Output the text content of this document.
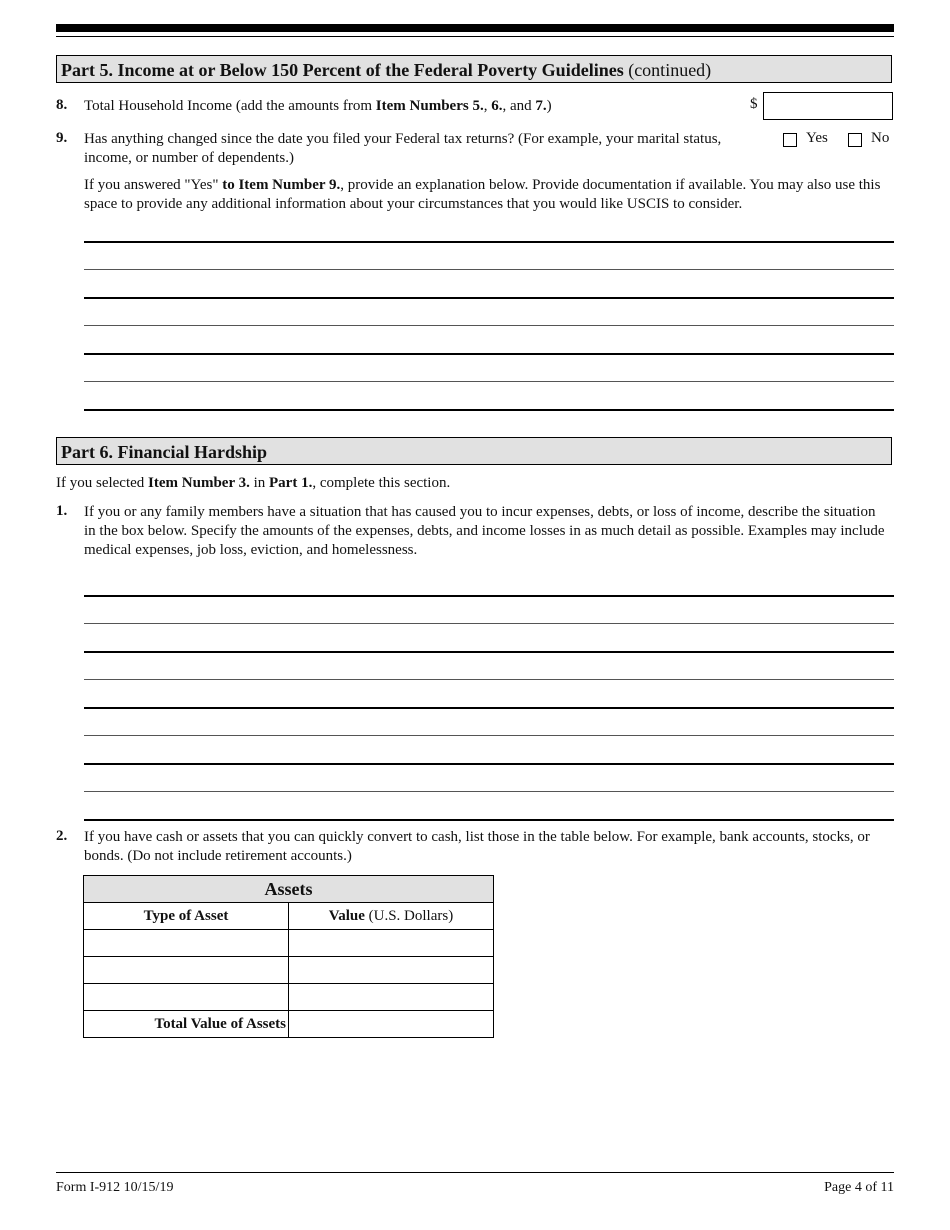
Part 5. Income at or Below 150 Percent of the Federal Poverty Guidelines (continued)
8. Total Household Income (add the amounts from Item Numbers 5., 6., and 7.)	$
9. Has anything changed since the date you filed your Federal tax returns? (For example, your marital status, income, or number of dependents.)
Yes	No
If you answered "Yes" to Item Number 9., provide an explanation below. Provide documentation if available. You may also use this space to provide any additional information about your circumstances that you would like USCIS to consider.
Part 6. Financial Hardship
If you selected Item Number 3. in Part 1., complete this section.
1. If you or any family members have a situation that has caused you to incur expenses, debts, or loss of income, describe the situation in the box below. Specify the amounts of the expenses, debts, and income losses in as much detail as possible. Examples may include medical expenses, job loss, eviction, and homelessness.
2. If you have cash or assets that you can quickly convert to cash, list those in the table below. For example, bank accounts, stocks, or bonds. (Do not include retirement accounts.)
Assets	
Type of Asset	Value (U.S. Dollars)

Total Value of Assets	
Form I-912 10/15/19	Page 4 of 11
